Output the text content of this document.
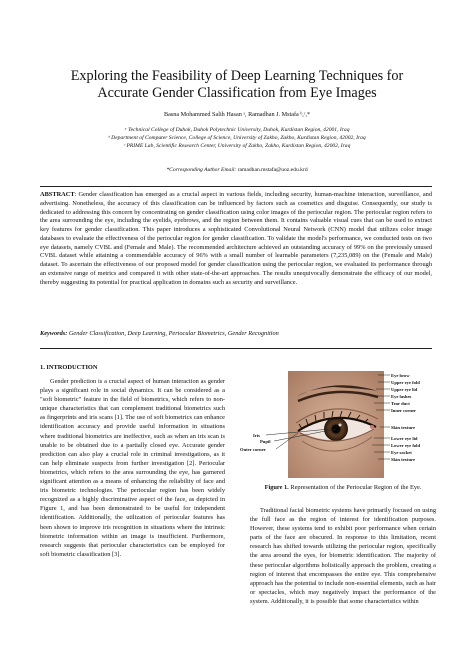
Exploring the Feasibility of Deep Learning Techniques for
Accurate Gender Classification from Eye Images
Basna Mohammed Salih Hasan ᵃ, Ramadhan J. Mstafa ᵇ,ᶜ,*
ᵃ Technical College of Duhok, Duhok Polytechnic University, Duhok, Kurdistan Region, 42001, Iraq
ᵇ Department of Computer Science, College of Science, University of Zakho, Zakho, Kurdistan Region, 42002, Iraq
ᶜ PRIME Lab, Scientific Research Center, University of Zakho, Zakho, Kurdistan Region, 42002, Iraq
*Corresponding Author Email: ramadhan.mstafa@uoz.edu.krd
ABSTRACT: Gender classification has emerged as a crucial aspect in various fields, including security, human-machine interaction, surveillance, and advertising. Nonetheless, the accuracy of this classification can be influenced by factors such as cosmetics and disguise. Consequently, our study is dedicated to addressing this concern by concentrating on gender classification using color images of the periocular region. The periocular region refers to the area surrounding the eye, including the eyelids, eyebrows, and the region between them. It contains valuable visual cues that can be used to extract key features for gender classification. This paper introduces a sophisticated Convolutional Neural Network (CNN) model that utilizes color image databases to evaluate the effectiveness of the periocular region for gender classification. To validate the model's performance, we conducted tests on two eye datasets, namely CVBL and (Female and Male). The recommended architecture achieved an outstanding accuracy of 99% on the previously unused CVBL dataset while attaining a commendable accuracy of 96% with a small number of learnable parameters (7,235,089) on the (Female and Male) dataset. To ascertain the effectiveness of our proposed model for gender classification using the periocular region, we evaluated its performance through an extensive range of metrics and compared it with other state-of-the-art approaches. The results unequivocally demonstrate the efficacy of our model, thereby suggesting its potential for practical application in domains such as security and surveillance.
Keywords: Gender Classification, Deep Learning, Periocular Biometrics, Gender Recognition
1. INTRODUCTION

Gender prediction is a crucial aspect of human interaction as gender plays a significant role in social dynamics. It can be considered as a "soft biometric" feature in the field of biometrics, which refers to non-unique characteristics that can complement traditional biometrics such as fingerprints and iris scans [1]. The use of soft biometrics can enhance identification accuracy and provide useful information in situations where traditional biometrics are ineffective, such as when an iris scan is unable to be obtained due to a partially closed eye. Accurate gender prediction can also play a crucial role in criminal investigations, as it can help eliminate suspects from further investigation [2]. Periocular biometrics, which refers to the area surrounding the eye, has garnered significant attention as a means of enhancing the reliability of face and iris biometric technologies. The periocular region has been widely recognized as a highly discriminative aspect of the face, as depicted in Figure 1, and has been demonstrated to be useful for independent identification. Additionally, the utilization of periocular features has been shown to improve iris recognition in situations where the intrinsic biometric information within an image is insufficient. Furthermore, research suggests that periocular characteristics can be employed for soft biometric classification [3].

Iris
Pupil
Outer corner
Eye brow
Upper eye fold
Upper eye lid
Eye lashes
Tear duct
Inner corner
Skin texture
Lower eye lid
Lower eye fold
Eye socket
Skin texture
Figure 1. Representation of the Periocular Region of the Eye.

Traditional facial biometric systems have primarily focused on using the full face as the region of interest for identification purposes. However, these systems tend to exhibit poor performance when certain parts of the face are obscured. In response to this limitation, recent research has shifted towards utilizing the periocular region, specifically the area around the eyes, for biometric identification. The majority of these periocular algorithms holistically approach the problem, creating a region of interest that encompasses the entire eye. This comprehensive approach has the potential to include non-essential elements, such as hair or spectacles, which may negatively impact the performance of the system. Additionally, it is possible that some characteristics within
